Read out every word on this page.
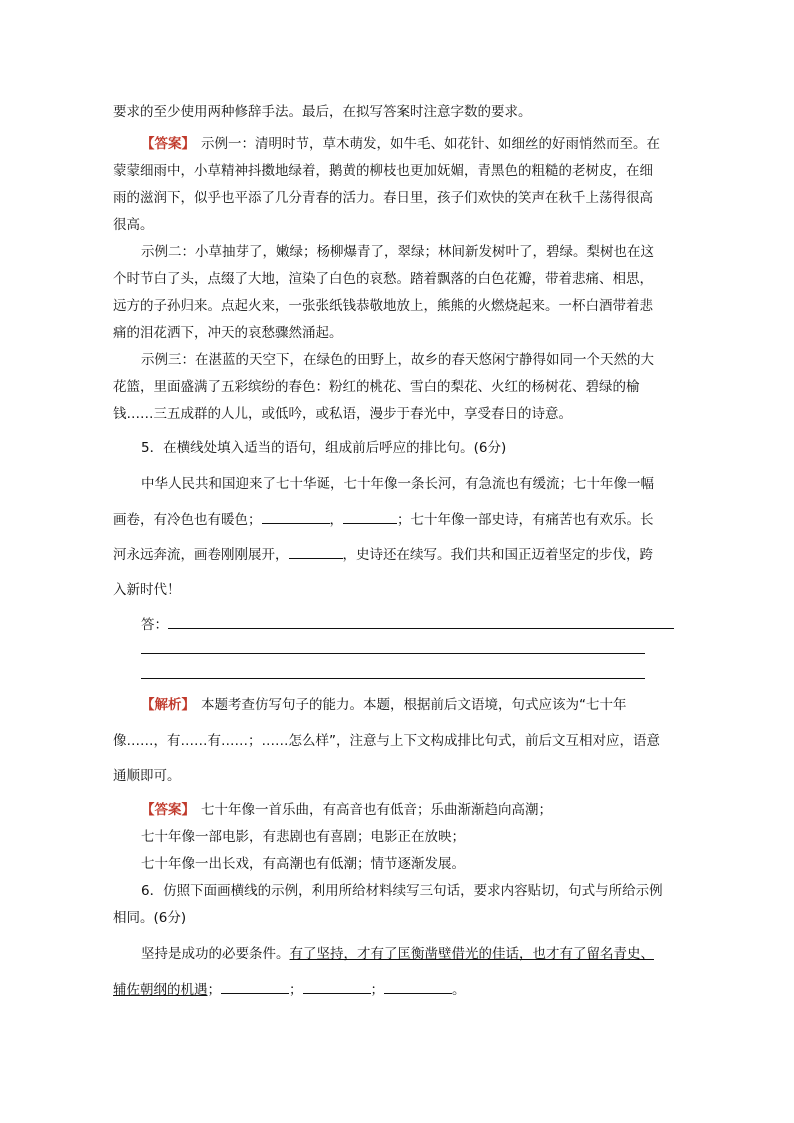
要求的至少使用两种修辞手法。最后，在拟写答案时注意字数的要求。
【答案】 示例一：清明时节，草木萌发，如牛毛、如花针、如细丝的好雨悄然而至。在
蒙蒙细雨中，小草精神抖擞地绿着，鹅黄的柳枝也更加妩媚，青黑色的粗糙的老树皮，在细
雨的滋润下，似乎也平添了几分青春的活力。春日里，孩子们欢快的笑声在秋千上荡得很高
很高。
示例二：小草抽芽了，嫩绿；杨柳爆青了，翠绿；林间新发树叶了，碧绿。梨树也在这
个时节白了头，点缀了大地，渲染了白色的哀愁。踏着飘落的白色花瓣，带着悲痛、相思，
远方的子孙归来。点起火来，一张张纸钱恭敬地放上，熊熊的火燃烧起来。一杯白酒带着悲
痛的泪花洒下，冲天的哀愁骤然涌起。
示例三：在湛蓝的天空下，在绿色的田野上，故乡的春天悠闲宁静得如同一个天然的大
花篮，里面盛满了五彩缤纷的春色：粉红的桃花、雪白的梨花、火红的杨树花、碧绿的榆
钱……三五成群的人儿，或低吟，或私语，漫步于春光中，享受春日的诗意。
5．在横线处填入适当的语句，组成前后呼应的排比句。(6分)
中华人民共和国迎来了七十华诞，七十年像一条长河，有急流也有缓流；七十年像一幅
画卷，有冷色也有暖色；	，	；七十年像一部史诗，有痛苦也有欢乐。长
河永远奔流，画卷刚刚展开，	，史诗还在续写。我们共和国正迈着坚定的步伐，跨
入新时代！
答：
【解析】 本题考查仿写句子的能力。本题，根据前后文语境，句式应该为“七十年
像……，有……有……；……怎么样”，注意与上下文构成排比句式，前后文互相对应，语意
通顺即可。
【答案】 七十年像一首乐曲，有高音也有低音；乐曲渐渐趋向高潮；
七十年像一部电影，有悲剧也有喜剧；电影正在放映；
七十年像一出长戏，有高潮也有低潮；情节逐渐发展。
6．仿照下面画横线的示例，利用所给材料续写三句话，要求内容贴切，句式与所给示例
相同。(6分)
坚持是成功的必要条件。有了坚持，才有了匡衡凿壁借光的佳话，也才有了留名青史、
辅佐朝纲的机遇；	；	；	。
